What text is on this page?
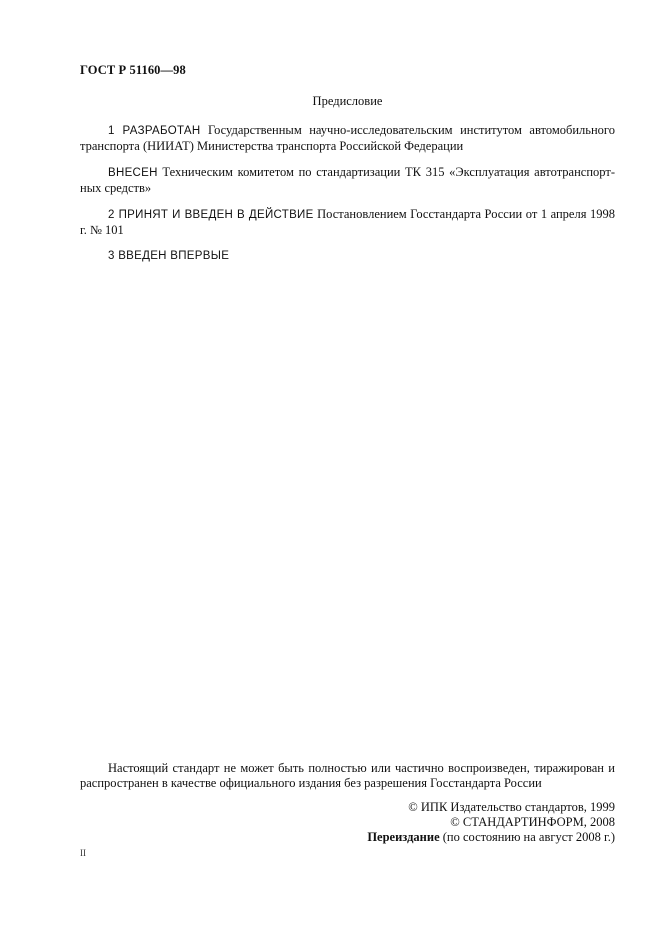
ГОСТ Р 51160—98
Предисловие
1 РАЗРАБОТАН Государственным научно-исследовательским институтом автомобильного транспорта (НИИАТ) Министерства транспорта Российской Федерации
ВНЕСЕН Техническим комитетом по стандартизации ТК 315 «Эксплуатация автотранспорт-ных средств»
2 ПРИНЯТ И ВВЕДЕН В ДЕЙСТВИЕ Постановлением Госстандарта России от 1 апреля 1998 г. № 101
3 ВВЕДЕН ВПЕРВЫЕ
Настоящий стандарт не может быть полностью или частично воспроизведен, тиражирован и распространен в качестве официального издания без разрешения Госстандарта России
© ИПК Издательство стандартов, 1999
© СТАНДАРТИНФОРМ, 2008
Переиздание (по состоянию на август 2008 г.)
II
